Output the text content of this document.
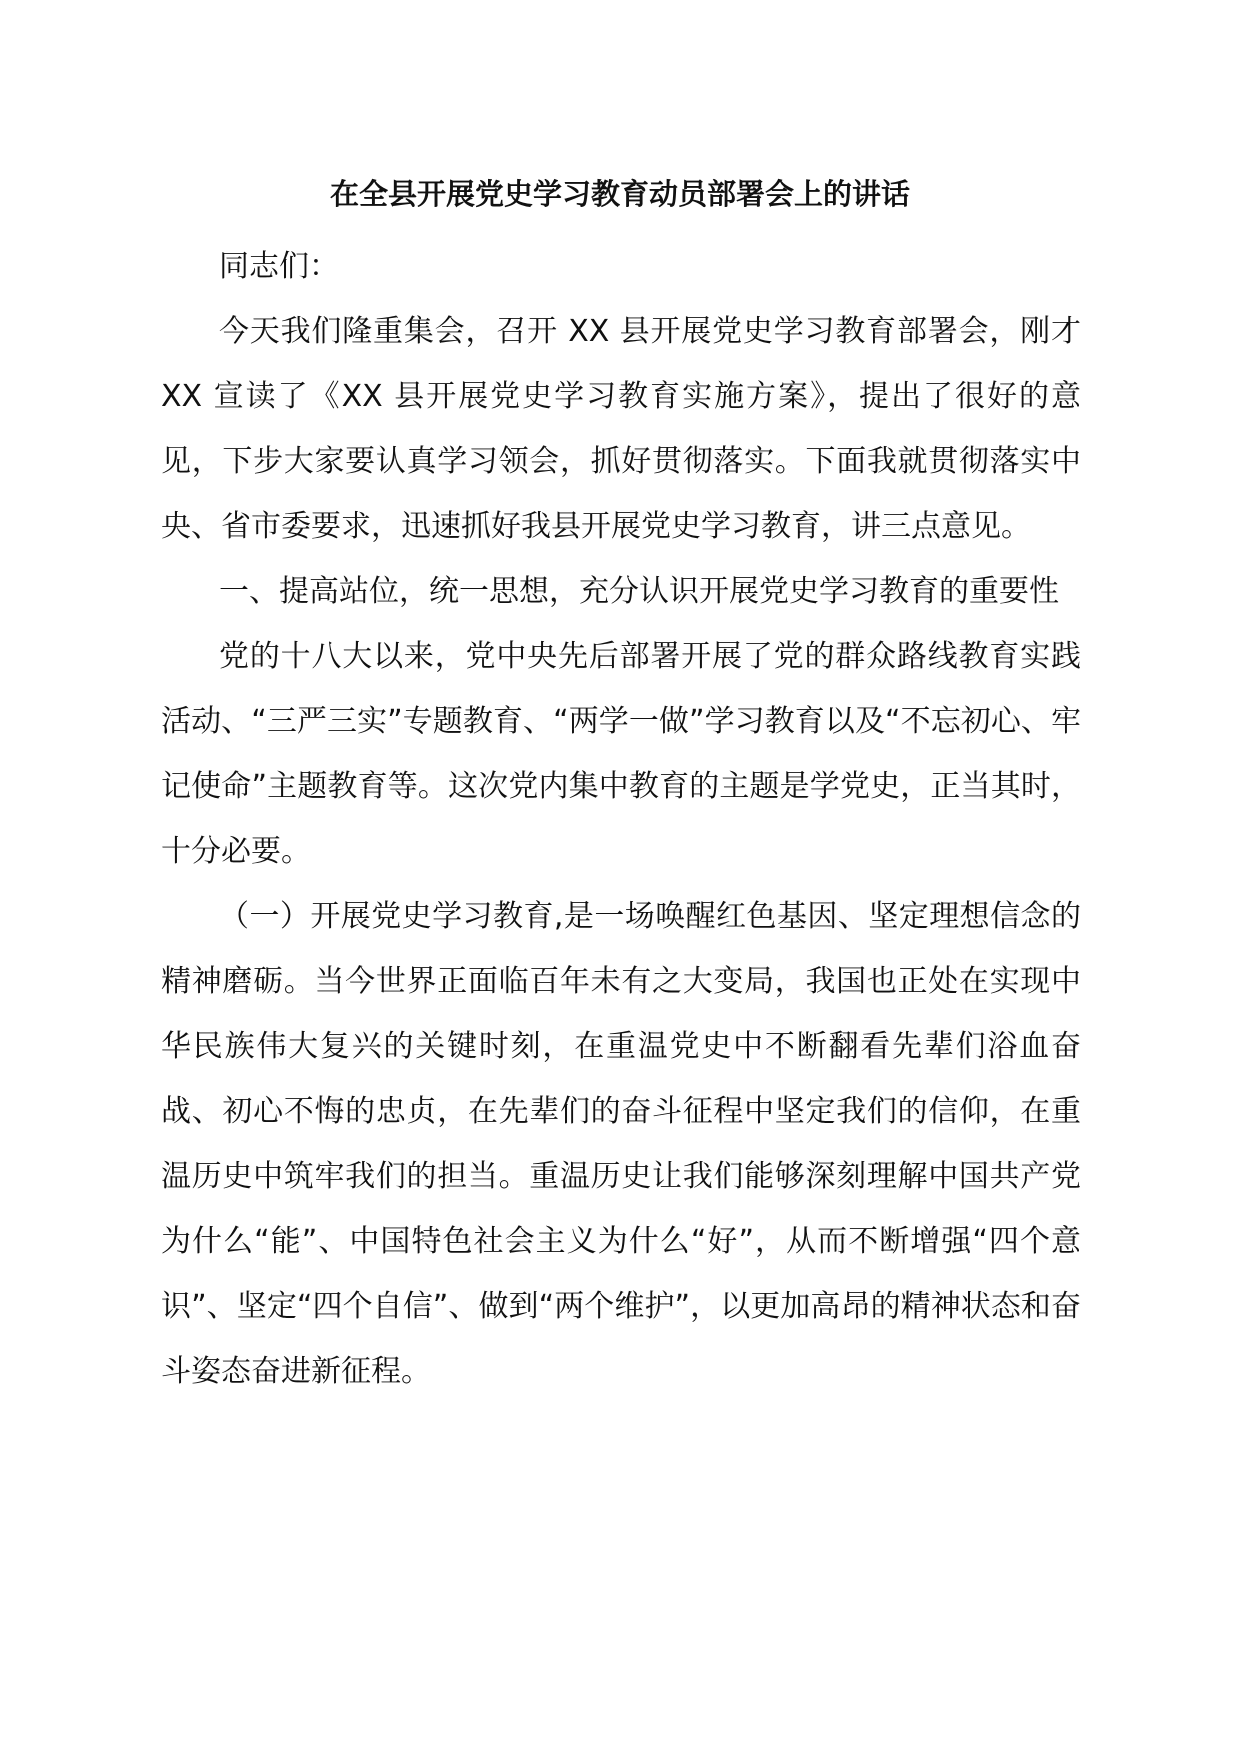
在全县开展党史学习教育动员部署会上的讲话

同志们：

今天我们隆重集会，召开 XX 县开展党史学习教育部署会，刚才 XX 宣读了《XX 县开展党史学习教育实施方案》，提出了很好的意见，下步大家要认真学习领会，抓好贯彻落实。下面我就贯彻落实中央、省市委要求，迅速抓好我县开展党史学习教育，讲三点意见。

一、提高站位，统一思想，充分认识开展党史学习教育的重要性

党的十八大以来，党中央先后部署开展了党的群众路线教育实践活动、“三严三实”专题教育、“两学一做”学习教育以及“不忘初心、牢记使命”主题教育等。这次党内集中教育的主题是学党史，正当其时，十分必要。

（一）开展党史学习教育,是一场唤醒红色基因、坚定理想信念的精神磨砺。当今世界正面临百年未有之大变局，我国也正处在实现中华民族伟大复兴的关键时刻，在重温党史中不断翻看先辈们浴血奋战、初心不悔的忠贞，在先辈们的奋斗征程中坚定我们的信仰，在重温历史中筑牢我们的担当。重温历史让我们能够深刻理解中国共产党为什么“能”、中国特色社会主义为什么“好”，从而不断增强“四个意识”、坚定“四个自信”、做到“两个维护”，以更加高昂的精神状态和奋斗姿态奋进新征程。
